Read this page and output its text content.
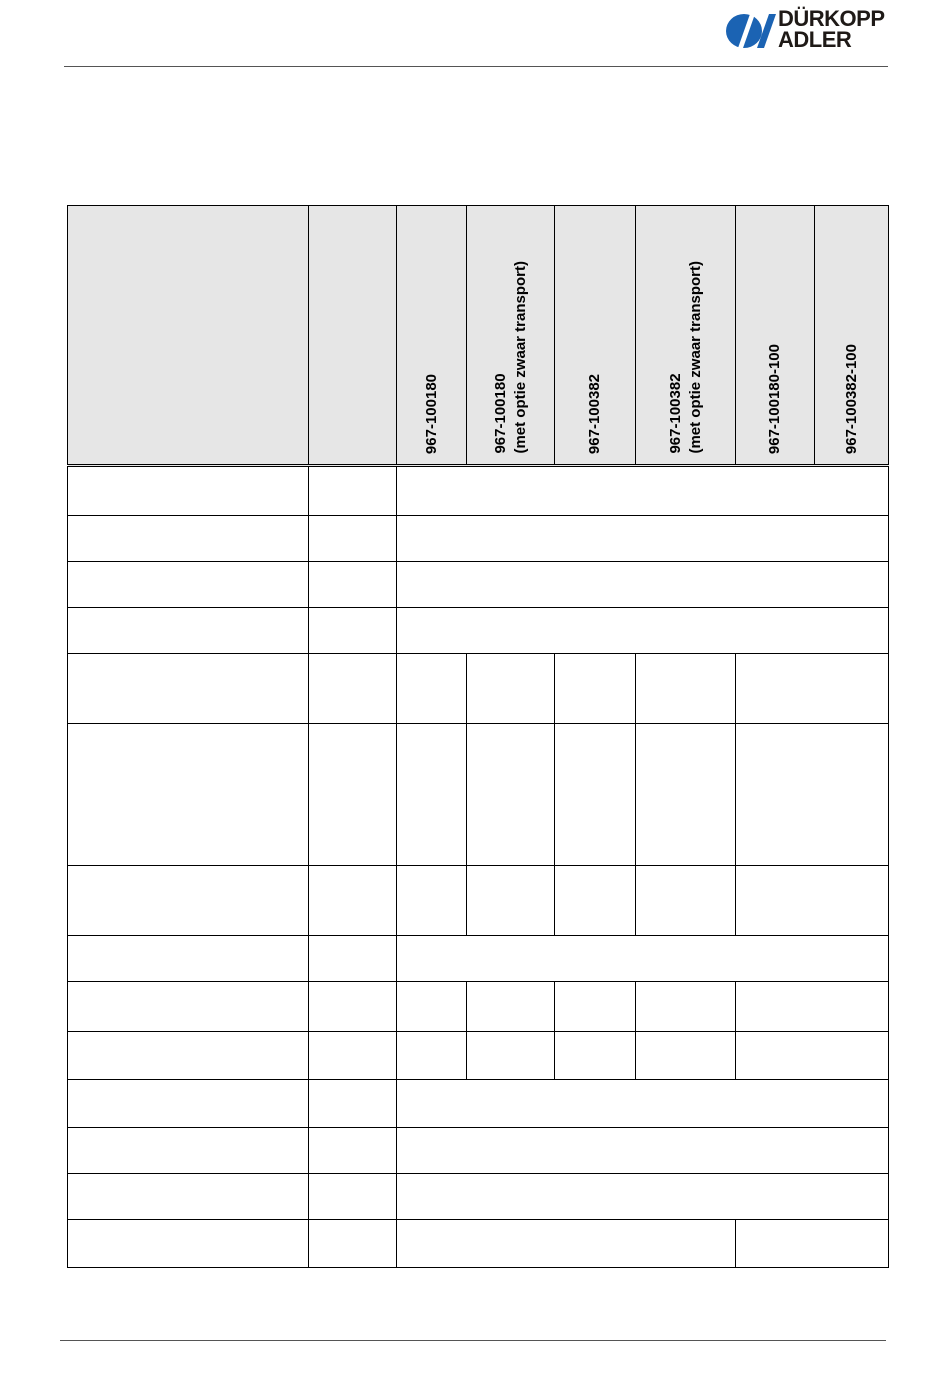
DÜRKOPP
ADLER

		967-100180	967-100180 (met optie zwaar transport)	967-100382	967-100382 (met optie zwaar transport)	967-100180-100	967-100382-100
